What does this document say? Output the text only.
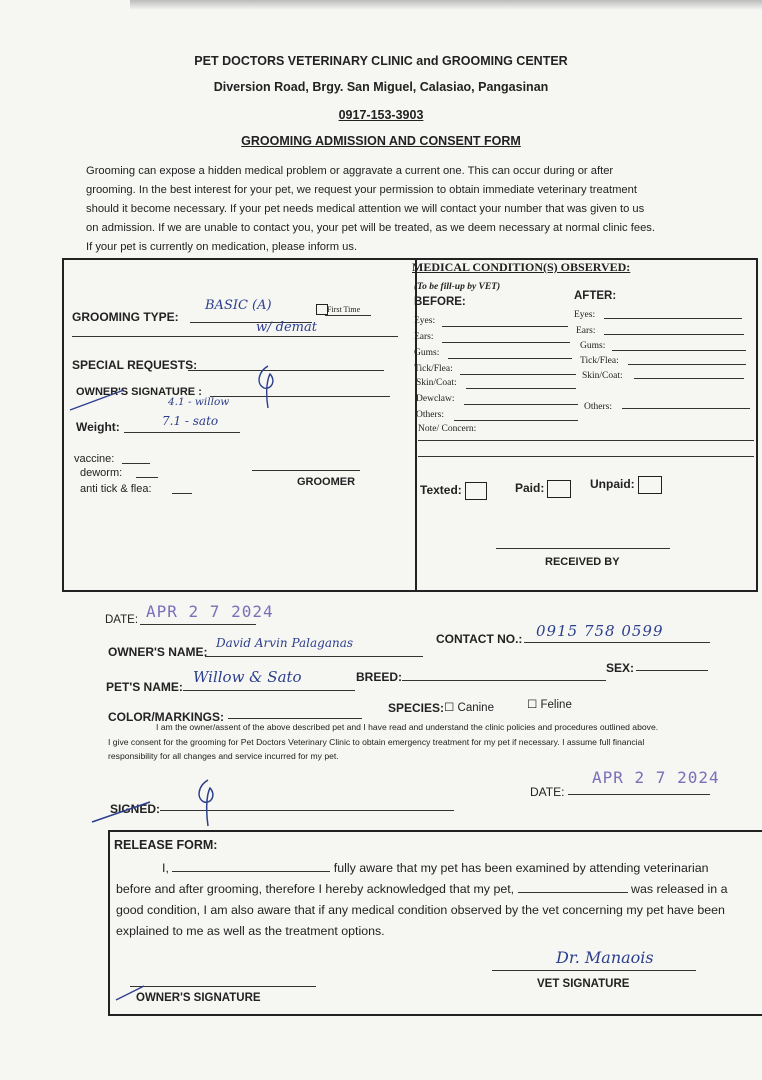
PET DOCTORS VETERINARY CLINIC and GROOMING CENTER
Diversion Road, Brgy. San Miguel, Calasiao, Pangasinan
0917-153-3903
GROOMING ADMISSION AND CONSENT FORM
Grooming can expose a hidden medical problem or aggravate a current one. This can occur during or after
grooming. In the best interest for your pet, we request your permission to obtain immediate veterinary treatment
should it become necessary. If your pet needs medical attention we will contact your number that was given to us
on admission. If we are unable to contact you, your pet will be treated, as we deem necessary at normal clinic fees.
If your pet is currently on medication, please inform us.
GROOMING TYPE:
BASIC (A)	First Time
w/ demat
SPECIAL REQUESTS:
OWNER'S SIGNATURE :
4.1 - willow
Weight:	7.1 - sato
vaccine:
deworm:
anti tick & flea:
GROOMER
MEDICAL CONDITION(S) OBSERVED:
(To be fill-up by VET)
BEFORE:	AFTER:
Eyes:
Ears:
Gums:
Tick/Flea:
Skin/Coat:
Dewclaw:
Others:
Note/ Concern:
Eyes:
Ears:
Gums:
Tick/Flea:
Skin/Coat:
Others:
Texted:	Paid:	Unpaid:
RECEIVED BY
DATE: APR 2 7 2024
OWNER'S NAME:
David Arvin Palaganas	CONTACT NO.: 0915 758 0599
PET'S NAME:
Willow & Sato	BREED:
SEX:
COLOR/MARKINGS:
SPECIES: ☐ Canine	☐ Feline
I am the owner/assent of the above described pet and I have read and understand the clinic policies and procedures outlined above.
I give consent for the grooming for Pet Doctors Veterinary Clinic to obtain emergency treatment for my pet if necessary. I assume full financial
responsibility for all changes and service incurred for my pet.
SIGNED:
DATE:
APR 2 7 2024
RELEASE FORM:
I,	fully aware that my pet has been examined by attending veterinarian
before and after grooming, therefore I hereby acknowledged that my pet,	was released in a
good condition, I am also aware that if any medical condition observed by the vet concerning my pet have been
explained to me as well as the treatment options.
Dr. Manaois
VET SIGNATURE
OWNER'S SIGNATURE
